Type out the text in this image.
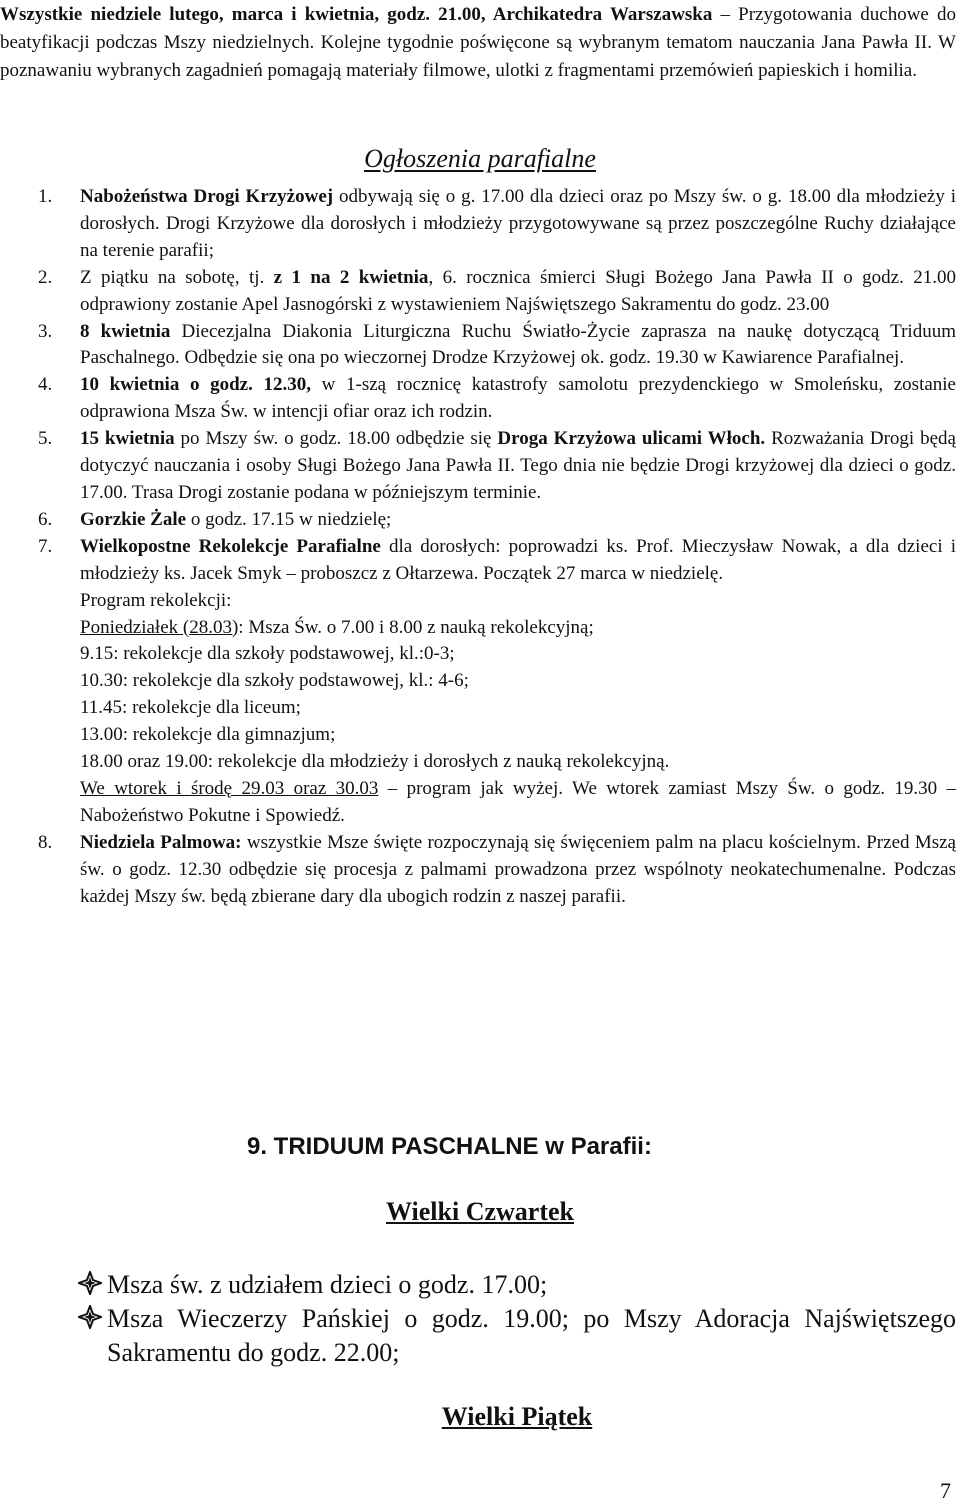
Wszystkie niedziele lutego, marca i kwietnia, godz. 21.00, Archikatedra Warszawska – Przygotowania duchowe do beatyfikacji podczas Mszy niedzielnych. Kolejne tygodnie poświęcone są wybranym tematom nauczania Jana Pawła II. W poznawaniu wybranych zagadnień pomagają materiały filmowe, ulotki z fragmentami przemówień papieskich i homilia.
Ogłoszenia parafialne
1. Nabożeństwa Drogi Krzyżowej odbywają się o g. 17.00 dla dzieci oraz po Mszy św. o g. 18.00 dla młodzieży i dorosłych. Drogi Krzyżowe dla dorosłych i młodzieży przygotowywane są przez poszczególne Ruchy działające na terenie parafii;
2. Z piątku na sobotę, tj. z 1 na 2 kwietnia, 6. rocznica śmierci Sługi Bożego Jana Pawła II o godz. 21.00 odprawiony zostanie Apel Jasnogórski z wystawieniem Najświętszego Sakramentu do godz. 23.00
3. 8 kwietnia Diecezjalna Diakonia Liturgiczna Ruchu Światło-Życie zaprasza na naukę dotyczącą Triduum Paschalnego. Odbędzie się ona po wieczornej Drodze Krzyżowej ok. godz. 19.30 w Kawiarence Parafialnej.
4. 10 kwietnia o godz. 12.30, w 1-szą rocznicę katastrofy samolotu prezydenckiego w Smoleńsku, zostanie odprawiona Msza Św. w intencji ofiar oraz ich rodzin.
5. 15 kwietnia po Mszy św. o godz. 18.00 odbędzie się Droga Krzyżowa ulicami Włoch. Rozważania Drogi będą dotyczyć nauczania i osoby Sługi Bożego Jana Pawła II. Tego dnia nie będzie Drogi krzyżowej dla dzieci o godz. 17.00. Trasa Drogi zostanie podana w późniejszym terminie.
6. Gorzkie Żale o godz. 17.15 w niedzielę;
7. Wielkopostne Rekolekcje Parafialne dla dorosłych: poprowadzi ks. Prof. Mieczysław Nowak, a dla dzieci i młodzieży ks. Jacek Smyk – proboszcz z Ołtarzewa. Początek 27 marca w niedzielę.
Program rekolekcji:
Poniedziałek (28.03): Msza Św. o 7.00 i 8.00 z nauką rekolekcyjną;
9.15: rekolekcje dla szkoły podstawowej, kl.:0-3;
10.30: rekolekcje dla szkoły podstawowej, kl.: 4-6;
11.45: rekolekcje dla liceum;
13.00: rekolekcje dla gimnazjum;
18.00 oraz 19.00: rekolekcje dla młodzieży i dorosłych z nauką rekolekcyjną.
We wtorek i środę 29.03 oraz 30.03 – program jak wyżej. We wtorek zamiast Mszy Św. o godz. 19.30 – Nabożeństwo Pokutne i Spowiedź.
8. Niedziela Palmowa: wszystkie Msze święte rozpoczynają się święceniem palm na placu kościelnym. Przed Mszą św. o godz. 12.30 odbędzie się procesja z palmami prowadzona przez wspólnoty neokatechumenalne. Podczas każdej Mszy św. będą zbierane dary dla ubogich rodzin z naszej parafii.
9. TRIDUUM PASCHALNE w Parafii:
Wielki Czwartek
Msza św. z udziałem dzieci o godz. 17.00;
Msza Wieczerzy Pańskiej o godz. 19.00; po Mszy Adoracja Najświętszego Sakramentu do godz. 22.00;
Wielki Piątek
7
